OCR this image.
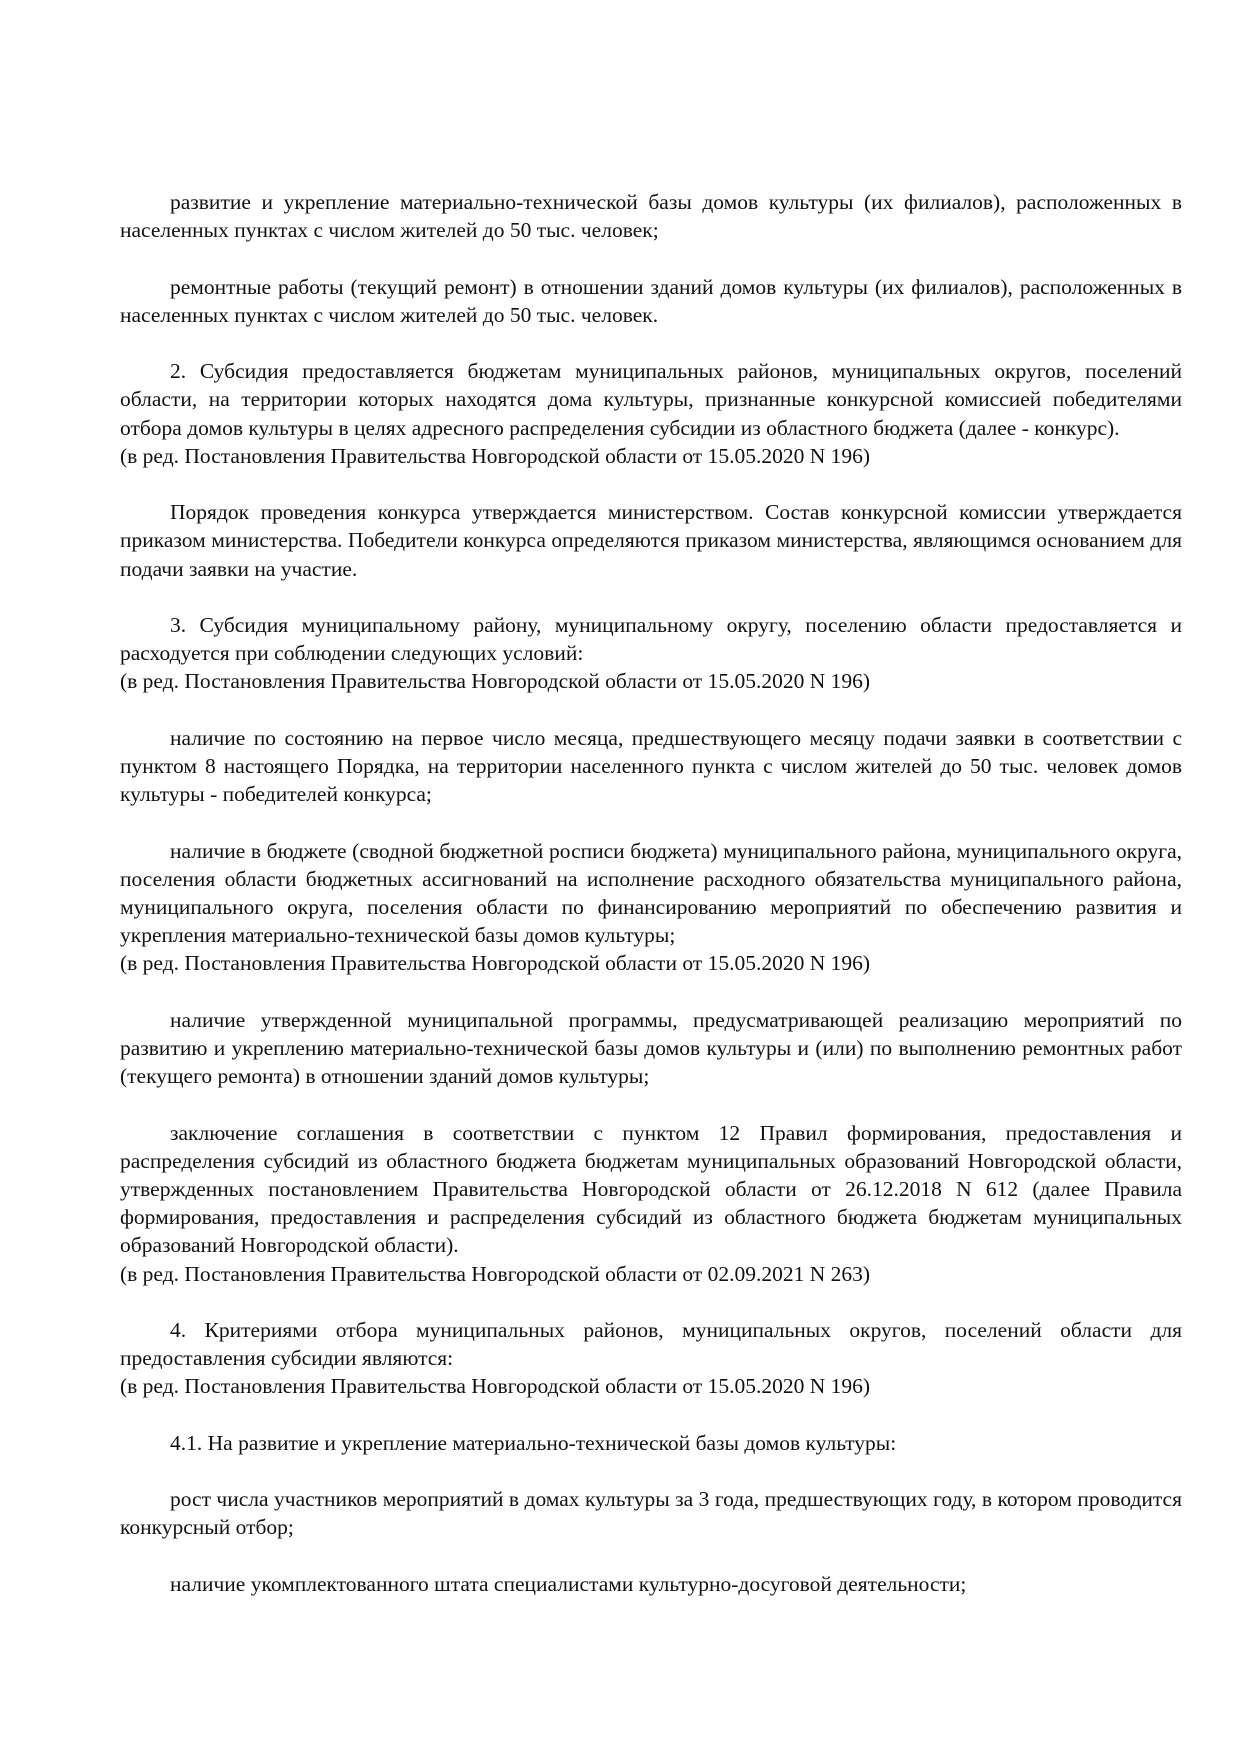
развитие и укрепление материально-технической базы домов культуры (их филиалов), расположенных в населенных пунктах с числом жителей до 50 тыс. человек;
ремонтные работы (текущий ремонт) в отношении зданий домов культуры (их филиалов), расположенных в населенных пунктах с числом жителей до 50 тыс. человек.
2. Субсидия предоставляется бюджетам муниципальных районов, муниципальных округов, поселений области, на территории которых находятся дома культуры, признанные конкурсной комиссией победителями отбора домов культуры в целях адресного распределения субсидии из областного бюджета (далее - конкурс).
(в ред. Постановления Правительства Новгородской области от 15.05.2020 N 196)
Порядок проведения конкурса утверждается министерством. Состав конкурсной комиссии утверждается приказом министерства. Победители конкурса определяются приказом министерства, являющимся основанием для подачи заявки на участие.
3. Субсидия муниципальному району, муниципальному округу, поселению области предоставляется и расходуется при соблюдении следующих условий:
(в ред. Постановления Правительства Новгородской области от 15.05.2020 N 196)
наличие по состоянию на первое число месяца, предшествующего месяцу подачи заявки в соответствии с пунктом 8 настоящего Порядка, на территории населенного пункта с числом жителей до 50 тыс. человек домов культуры - победителей конкурса;
наличие в бюджете (сводной бюджетной росписи бюджета) муниципального района, муниципального округа, поселения области бюджетных ассигнований на исполнение расходного обязательства муниципального района, муниципального округа, поселения области по финансированию мероприятий по обеспечению развития и укрепления материально-технической базы домов культуры;
(в ред. Постановления Правительства Новгородской области от 15.05.2020 N 196)
наличие утвержденной муниципальной программы, предусматривающей реализацию мероприятий по развитию и укреплению материально-технической базы домов культуры и (или) по выполнению ремонтных работ (текущего ремонта) в отношении зданий домов культуры;
заключение соглашения в соответствии с пунктом 12 Правил формирования, предоставления и распределения субсидий из областного бюджета бюджетам муниципальных образований Новгородской области, утвержденных постановлением Правительства Новгородской области от 26.12.2018 N 612 (далее Правила формирования, предоставления и распределения субсидий из областного бюджета бюджетам муниципальных образований Новгородской области).
(в ред. Постановления Правительства Новгородской области от 02.09.2021 N 263)
4. Критериями отбора муниципальных районов, муниципальных округов, поселений области для предоставления субсидии являются:
(в ред. Постановления Правительства Новгородской области от 15.05.2020 N 196)
4.1. На развитие и укрепление материально-технической базы домов культуры:
рост числа участников мероприятий в домах культуры за 3 года, предшествующих году, в котором проводится конкурсный отбор;
наличие укомплектованного штата специалистами культурно-досуговой деятельности;
